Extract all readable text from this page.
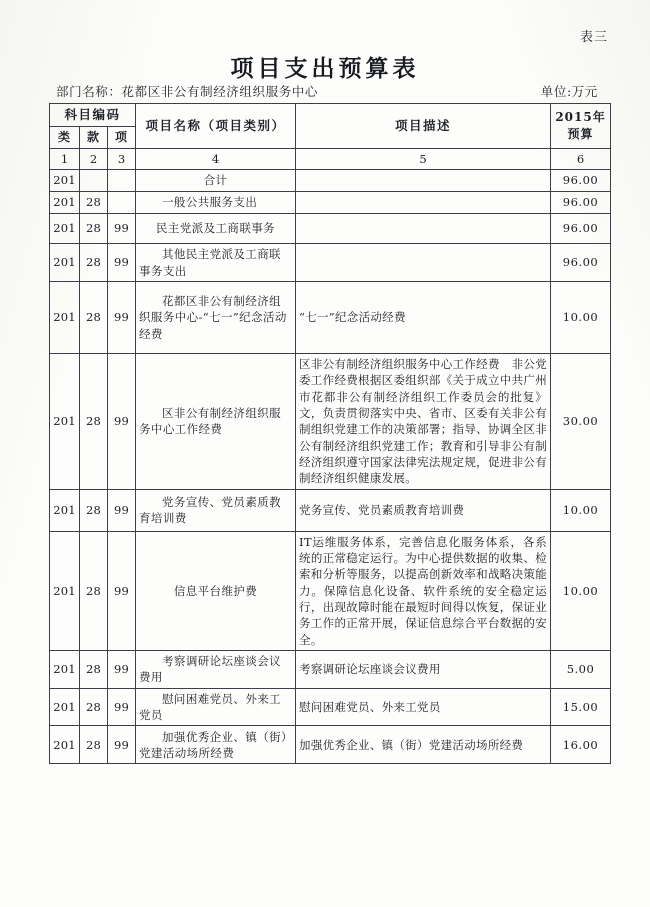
表三
项目支出预算表
部门名称：花都区非公有制经济组织服务中心	单位:万元
科目编码			项目名称（项目类别）	项目描述	2015年
预算

类	款	项			
1	2	3	4	5	6
201			合计		96.00
201	28		一般公共服务支出		96.00
201	28	99	民主党派及工商联事务		96.00
201	28	99	其他民主党派及工商联事务支出		96.00
201	28	99	花都区非公有制经济组织服务中心-“七一”纪念活动经费	“七一”纪念活动经费	10.00
201	28	99	区非公有制经济组织服务中心工作经费	区非公有制经济组织服务中心工作经费　非公党委工作经费根据区委组织部《关于成立中共广州市花都非公有制经济组织工作委员会的批复》文，负责贯彻落实中央、省市、区委有关非公有制组织党建工作的决策部署；指导、协调全区非公有制经济组织党建工作；教育和引导非公有制经济组织遵守国家法律宪法规定规，促进非公有制经济组织健康发展。	30.00
201	28	99	党务宣传、党员素质教育培训费	党务宣传、党员素质教育培训费	10.00
201	28	99	信息平台维护费	IT运维服务体系，完善信息化服务体系，各系统的正常稳定运行。为中心提供数据的收集、检索和分析等服务，以提高创新效率和战略决策能力。保障信息化设备、软件系统的安全稳定运行，出现故障时能在最短时间得以恢复，保证业务工作的正常开展，保证信息综合平台数据的安全。	10.00
201	28	99	考察调研论坛座谈会议费用	考察调研论坛座谈会议费用	5.00
201	28	99	慰问困难党员、外来工党员	慰问困难党员、外来工党员	15.00
201	28	99	加强优秀企业、镇（街）党建活动场所经费	加强优秀企业、镇（街）党建活动场所经费	16.00
